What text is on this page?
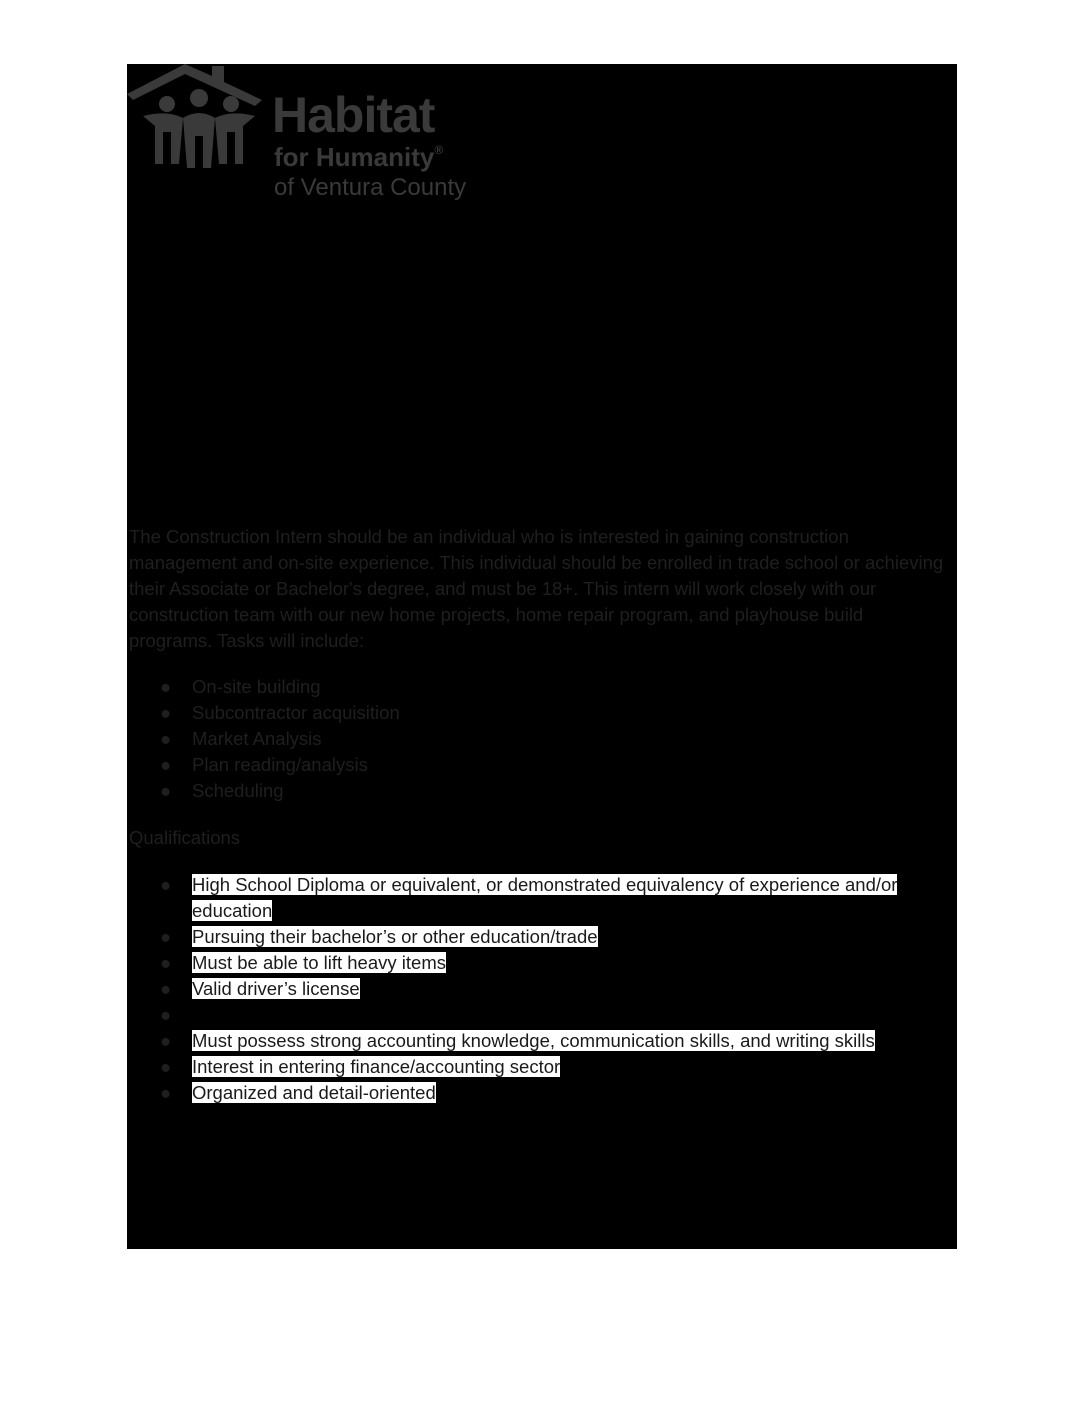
Habitat
for Humanity®
of Ventura County
The Construction Intern should be an individual who is interested in gaining construction management and on-site experience. This individual should be enrolled in trade school or achieving their Associate or Bachelor's degree, and must be 18+. This intern will work closely with our construction team with our new home projects, home repair program, and playhouse build programs. Tasks will include:
●	On-site building
●	Subcontractor acquisition
●	Market Analysis
●	Plan reading/analysis
●	Scheduling
Qualifications
●	High School Diploma or equivalent, or demonstrated equivalency of experience and/or education
●	Pursuing their bachelor’s or other education/trade
●	Must be able to lift heavy items
●	Valid driver’s license
●
●	Must possess strong accounting knowledge, communication skills, and writing skills
●	Interest in entering finance/accounting sector
●	Organized and detail-oriented
